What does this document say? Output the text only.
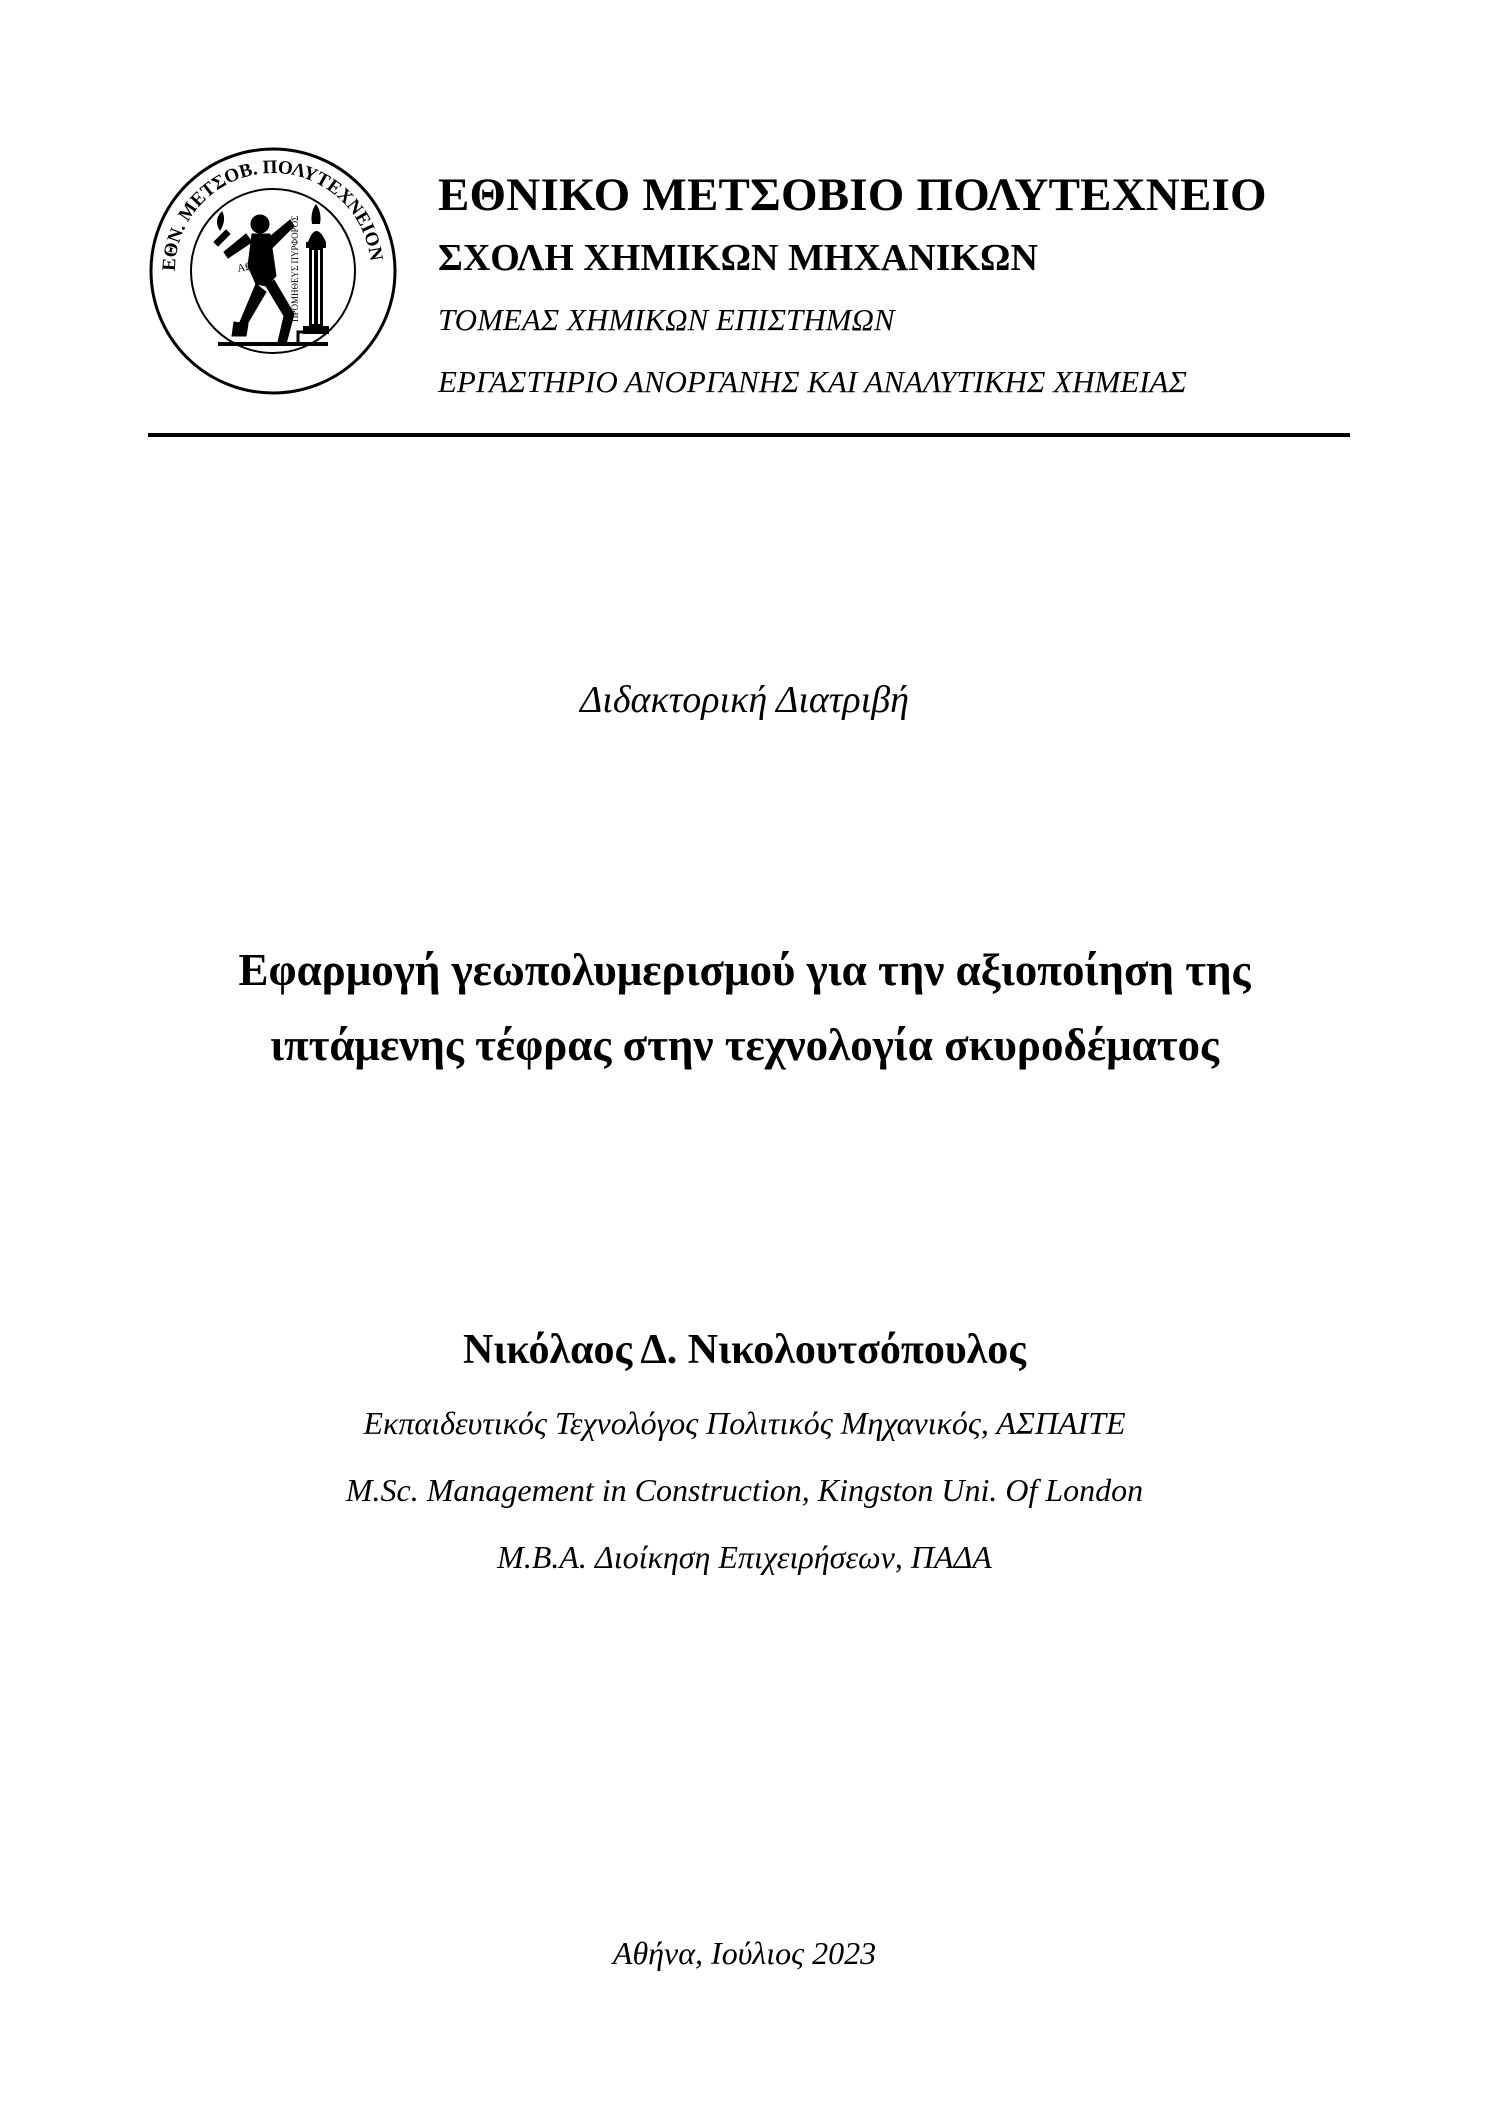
ΕΘΝ. ΜΕΤΣΟΒ. ΠΟΛΥΤΕΧΝΕΙΟΝ
ΑΩΛΓ ΠΡΟΜΗΘΕΥΣ ΠΥΡΦΟΡΟΣ
ΕΘΝΙΚΟ ΜΕΤΣΟΒΙΟ ΠΟΛΥΤΕΧΝΕΙΟ
ΣΧΟΛΗ ΧΗΜΙΚΩΝ ΜΗΧΑΝΙΚΩΝ
ΤΟΜΕΑΣ ΧΗΜΙΚΩΝ ΕΠΙΣΤΗΜΩΝ
ΕΡΓΑΣΤΗΡΙΟ ΑΝΟΡΓΑΝΗΣ ΚΑΙ ΑΝΑΛΥΤΙΚΗΣ ΧΗΜΕΙΑΣ
Διδακτορική Διατριβή
Εφαρμογή γεωπολυμερισμού για την αξιοποίηση της
ιπτάμενης τέφρας στην τεχνολογία σκυροδέματος
Νικόλαος Δ. Νικολουτσόπουλος
Εκπαιδευτικός Τεχνολόγος Πολιτικός Μηχανικός, ΑΣΠΑΙΤΕ
M.Sc. Management in Construction, Kingston Uni. Of London
M.B.A. Διοίκηση Επιχειρήσεων, ΠΑΔΑ
Αθήνα, Ιούλιος 2023
